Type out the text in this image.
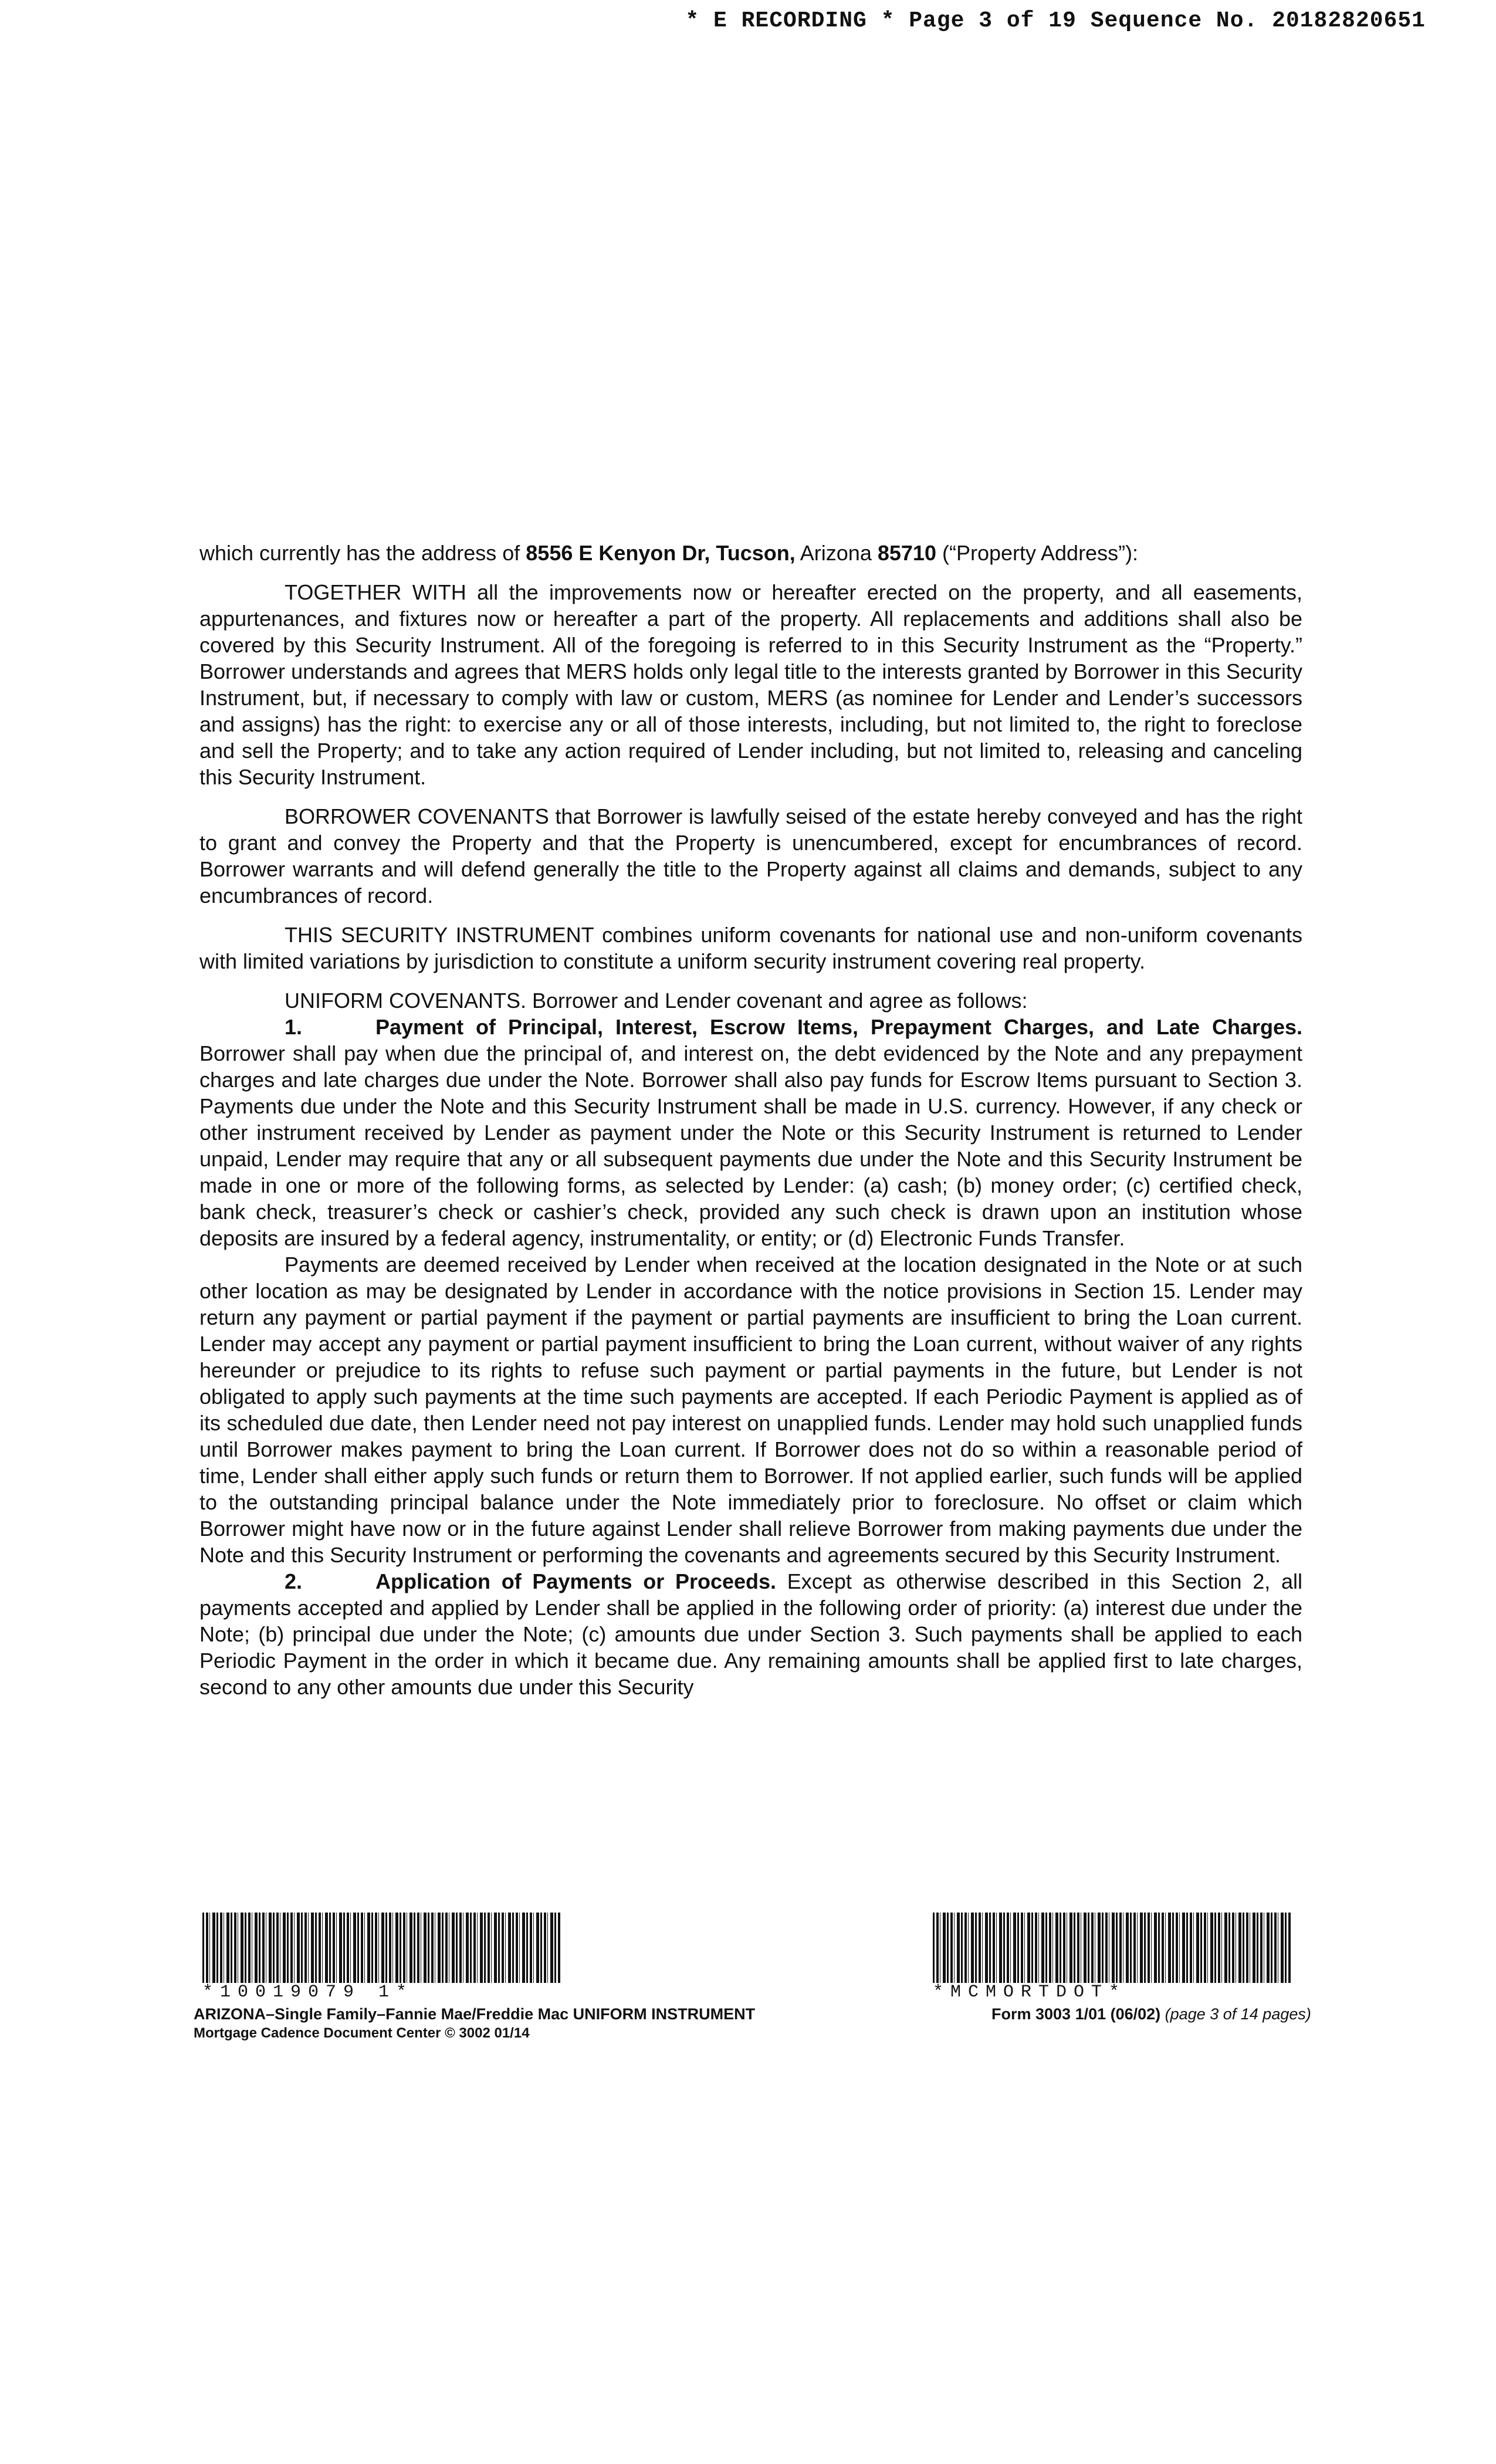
* E RECORDING * Page 3 of 19 Sequence No. 20182820651

which currently has the address of 8556 E Kenyon Dr, Tucson, Arizona 85710 (“Property Address”):

TOGETHER WITH all the improvements now or hereafter erected on the property, and all easements, appurtenances, and fixtures now or hereafter a part of the property. All replacements and additions shall also be covered by this Security Instrument. All of the foregoing is referred to in this Security Instrument as the “Property.” Borrower understands and agrees that MERS holds only legal title to the interests granted by Borrower in this Security Instrument, but, if necessary to comply with law or custom, MERS (as nominee for Lender and Lender’s successors and assigns) has the right: to exercise any or all of those interests, including, but not limited to, the right to foreclose and sell the Property; and to take any action required of Lender including, but not limited to, releasing and canceling this Security Instrument.

BORROWER COVENANTS that Borrower is lawfully seised of the estate hereby conveyed and has the right to grant and convey the Property and that the Property is unencumbered, except for encumbrances of record. Borrower warrants and will defend generally the title to the Property against all claims and demands, subject to any encumbrances of record.

THIS SECURITY INSTRUMENT combines uniform covenants for national use and non-uniform covenants with limited variations by jurisdiction to constitute a uniform security instrument covering real property.

UNIFORM COVENANTS. Borrower and Lender covenant and agree as follows:

1.	Payment of Principal, Interest, Escrow Items, Prepayment Charges, and Late Charges. Borrower shall pay when due the principal of, and interest on, the debt evidenced by the Note and any prepayment charges and late charges due under the Note. Borrower shall also pay funds for Escrow Items pursuant to Section 3. Payments due under the Note and this Security Instrument shall be made in U.S. currency. However, if any check or other instrument received by Lender as payment under the Note or this Security Instrument is returned to Lender unpaid, Lender may require that any or all subsequent payments due under the Note and this Security Instrument be made in one or more of the following forms, as selected by Lender: (a) cash; (b) money order; (c) certified check, bank check, treasurer’s check or cashier’s check, provided any such check is drawn upon an institution whose deposits are insured by a federal agency, instrumentality, or entity; or (d) Electronic Funds Transfer.

Payments are deemed received by Lender when received at the location designated in the Note or at such other location as may be designated by Lender in accordance with the notice provisions in Section 15. Lender may return any payment or partial payment if the payment or partial payments are insufficient to bring the Loan current. Lender may accept any payment or partial payment insufficient to bring the Loan current, without waiver of any rights hereunder or prejudice to its rights to refuse such payment or partial payments in the future, but Lender is not obligated to apply such payments at the time such payments are accepted. If each Periodic Payment is applied as of its scheduled due date, then Lender need not pay interest on unapplied funds. Lender may hold such unapplied funds until Borrower makes payment to bring the Loan current. If Borrower does not do so within a reasonable period of time, Lender shall either apply such funds or return them to Borrower. If not applied earlier, such funds will be applied to the outstanding principal balance under the Note immediately prior to foreclosure. No offset or claim which Borrower might have now or in the future against Lender shall relieve Borrower from making payments due under the Note and this Security Instrument or performing the covenants and agreements secured by this Security Instrument.

2.	Application of Payments or Proceeds. Except as otherwise described in this Section 2, all payments accepted and applied by Lender shall be applied in the following order of priority: (a) interest due under the Note; (b) principal due under the Note; (c) amounts due under Section 3. Such payments shall be applied to each Periodic Payment in the order in which it became due. Any remaining amounts shall be applied first to late charges, second to any other amounts due under this Security

*10019079 1*	*MCMORTDOT*
ARIZONA–Single Family–Fannie Mae/Freddie Mac UNIFORM INSTRUMENT
Mortgage Cadence Document Center © 3002 01/14
Form 3003 1/01 (06/02) (page 3 of 14 pages)
